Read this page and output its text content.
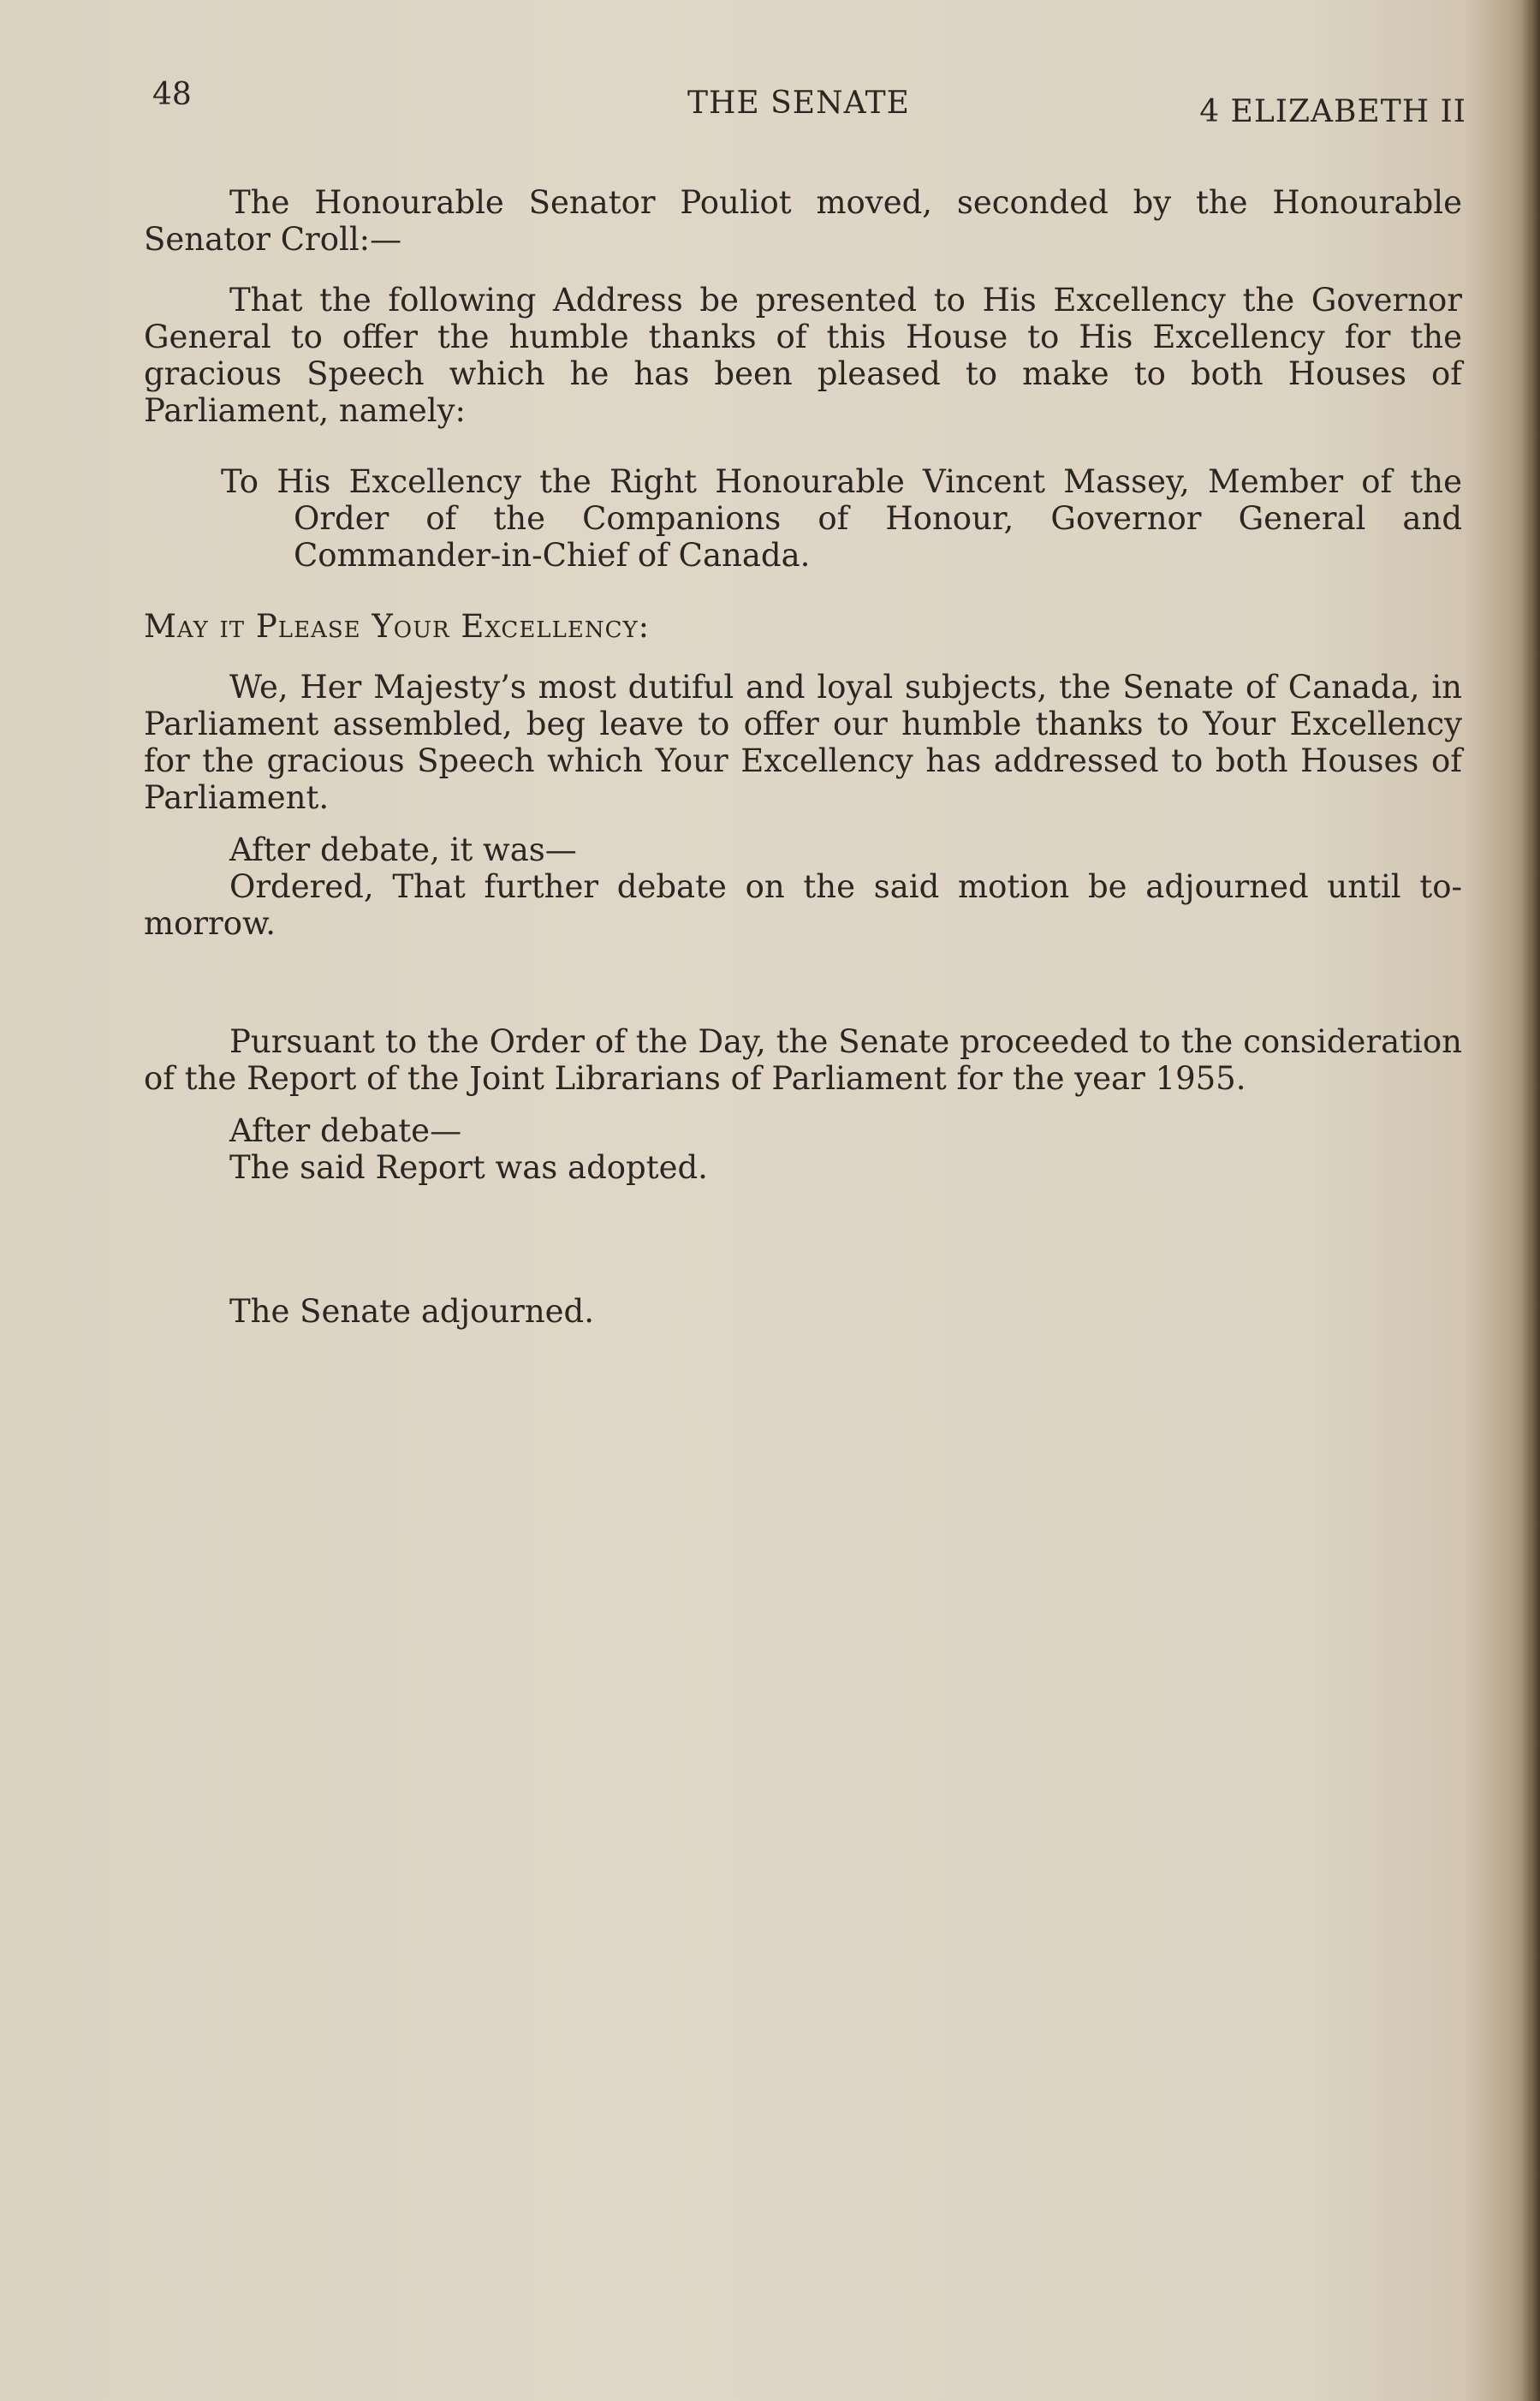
48	THE SENATE	4 ELIZABETH II

The Honourable Senator Pouliot moved, seconded by the Honourable Senator Croll:—

That the following Address be presented to His Excellency the Governor General to offer the humble thanks of this House to His Excellency for the gracious Speech which he has been pleased to make to both Houses of Parliament, namely:

To His Excellency the Right Honourable Vincent Massey, Member of the Order of the Companions of Honour, Governor General and Commander-in-Chief of Canada.

May it Please Your Excellency:

We, Her Majesty’s most dutiful and loyal subjects, the Senate of Canada, in Parliament assembled, beg leave to offer our humble thanks to Your Excellency for the gracious Speech which Your Excellency has addressed to both Houses of Parliament.

After debate, it was—

Ordered, That further debate on the said motion be adjourned until to-morrow.

Pursuant to the Order of the Day, the Senate proceeded to the consideration of the Report of the Joint Librarians of Parliament for the year 1955.

After debate—

The said Report was adopted.

The Senate adjourned.
